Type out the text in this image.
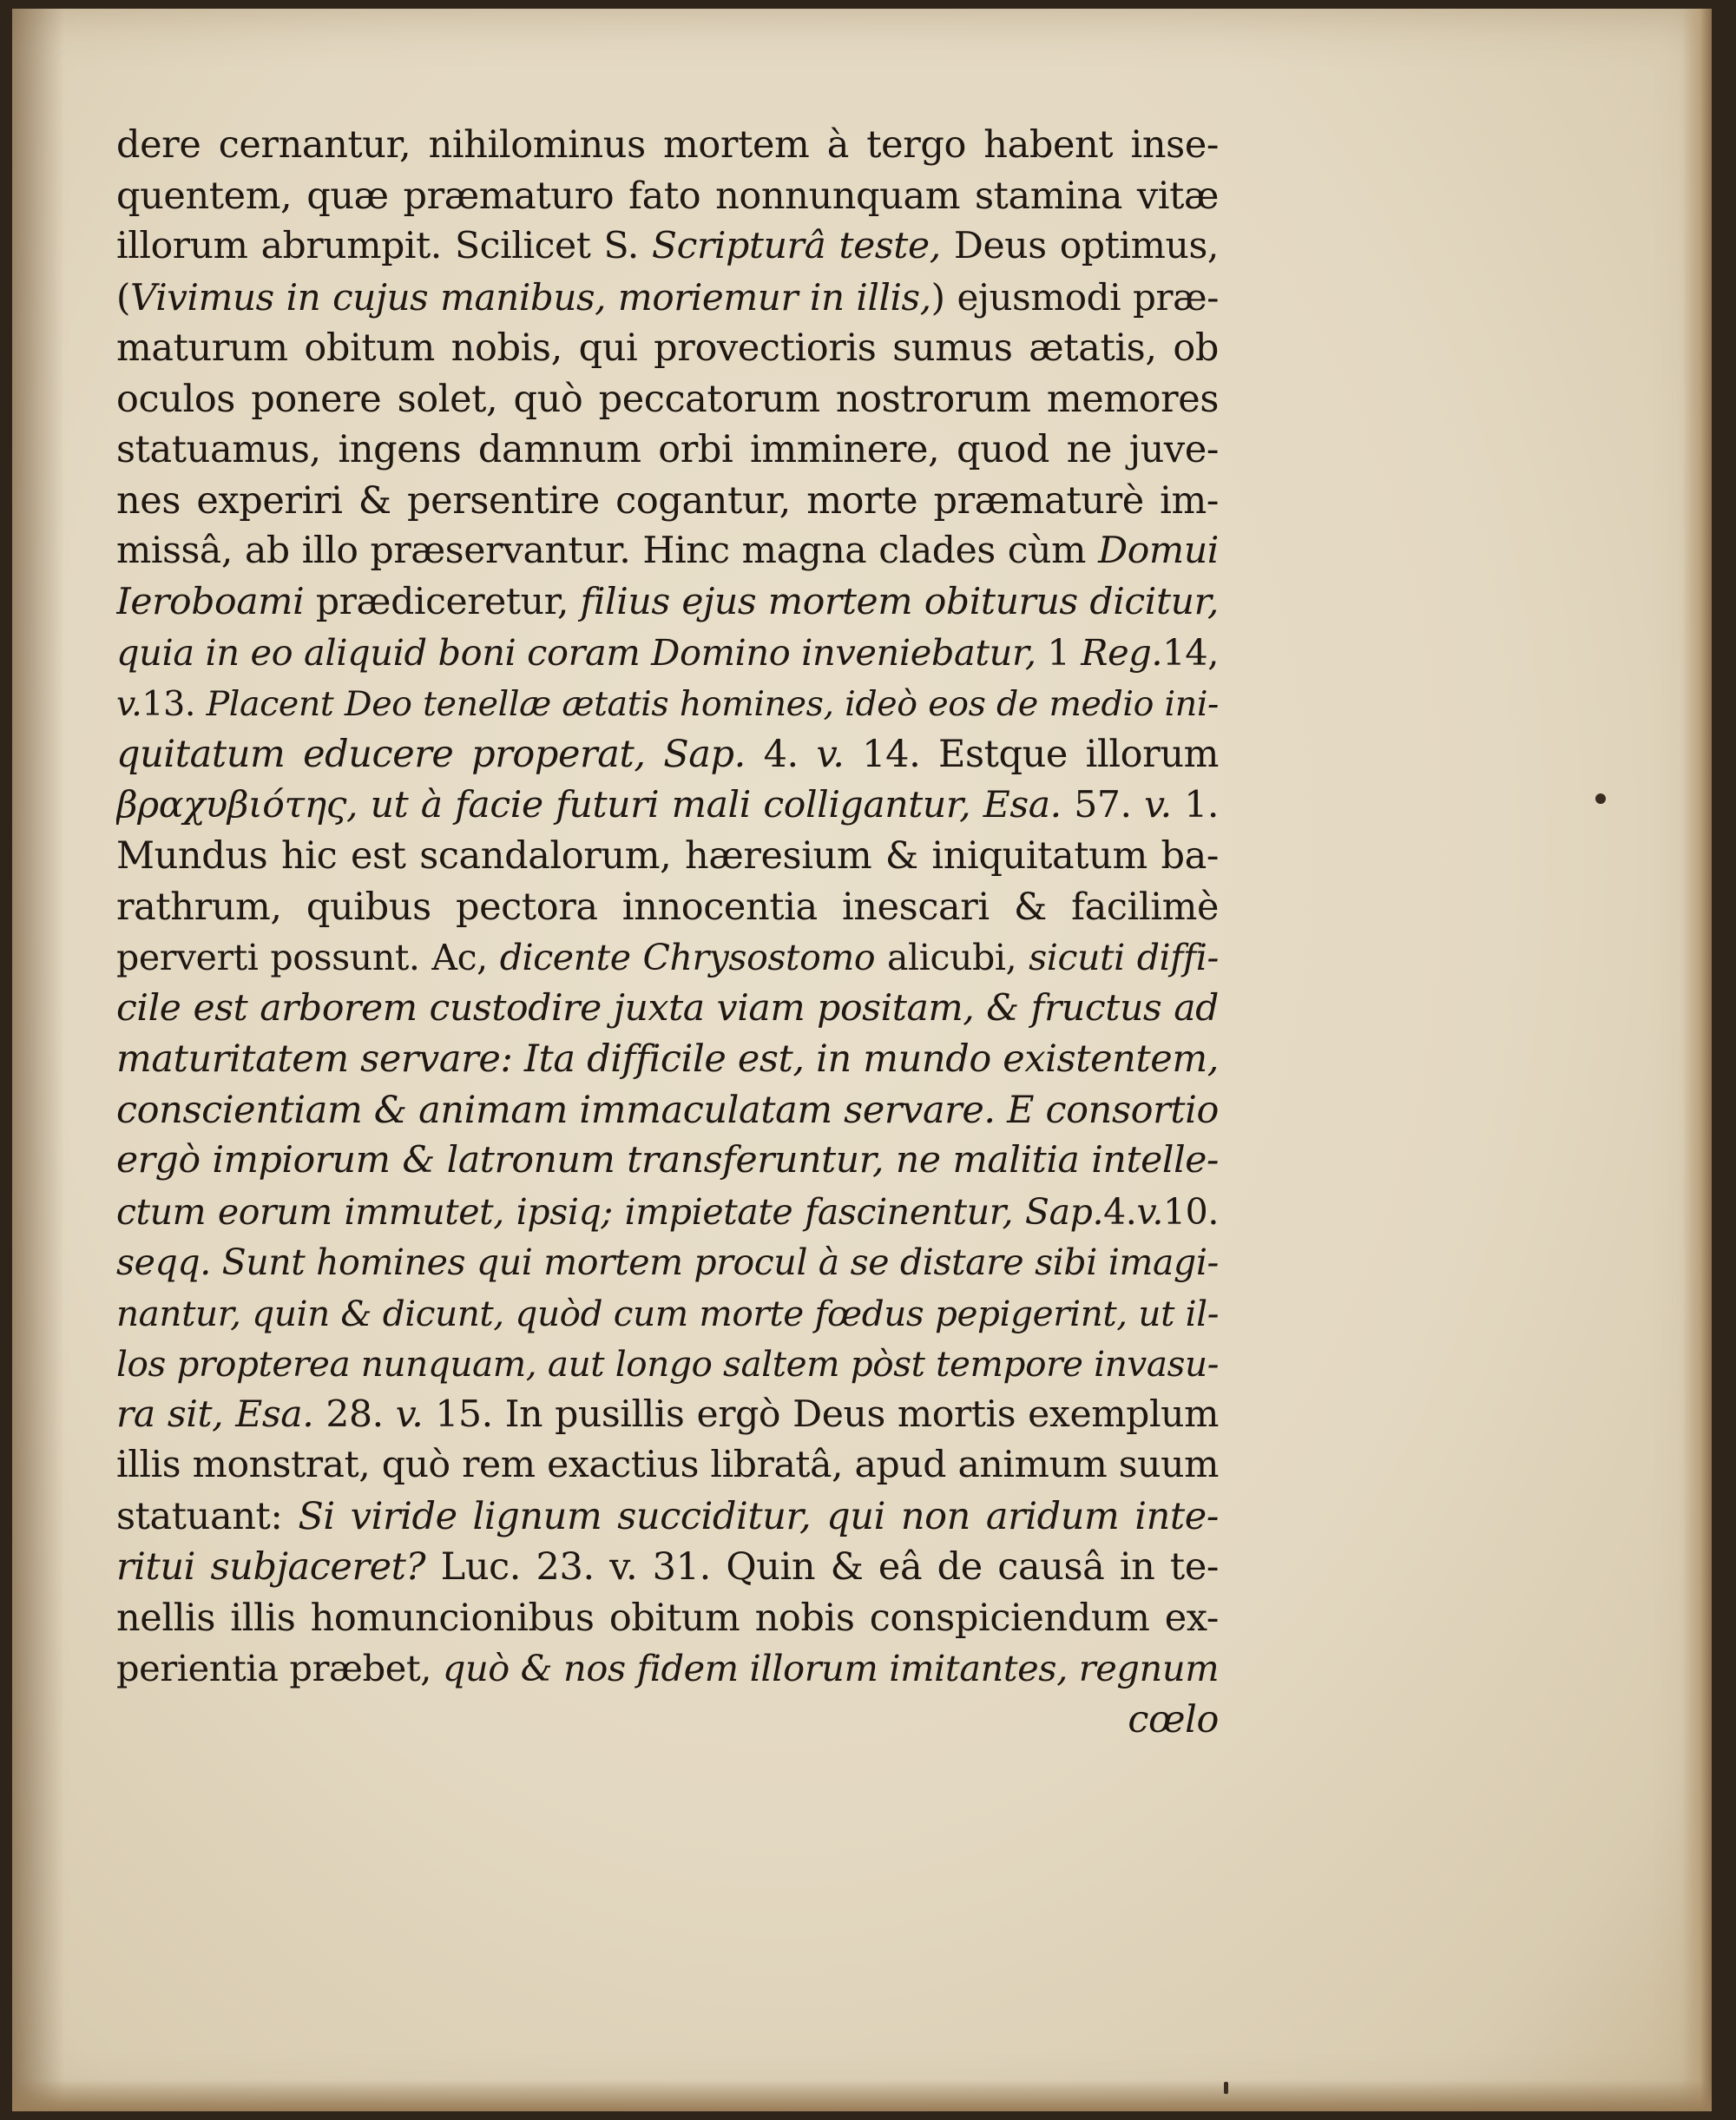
dere cernantur, nihilominus mortem à tergo habent inse-
quentem, quæ præmaturo fato nonnunquam stamina vitæ
illorum abrumpit. Scilicet S. Scripturâ teste, Deus optimus,
(Vivimus in cujus manibus, moriemur in illis,) ejusmodi præ-
maturum obitum nobis, qui provectioris sumus ætatis, ob
oculos ponere solet, quò peccatorum nostrorum memores
statuamus, ingens damnum orbi imminere, quod ne juve-
nes experiri & persentire cogantur, morte præmaturè im-
missâ, ab illo præservantur. Hinc magna clades cùm Domui
Ieroboami prædiceretur, filius ejus mortem obiturus dicitur,
quia in eo aliquid boni coram Domino inveniebatur, 1 Reg.14,
v.13. Placent Deo tenellæ ætatis homines, ideò eos de medio ini-
quitatum educere properat, Sap. 4. v. 14. Estque illorum
βραχυβιότης, ut à facie futuri mali colligantur, Esa. 57. v. 1.
Mundus hic est scandalorum, hæresium & iniquitatum ba-
rathrum, quibus pectora innocentia inescari & facilimè
perverti possunt. Ac, dicente Chrysostomo alicubi, sicuti diffi-
cile est arborem custodire juxta viam positam, & fructus ad
maturitatem servare: Ita difficile est, in mundo existentem,
conscientiam & animam immaculatam servare. E consortio
ergò impiorum & latronum transferuntur, ne malitia intelle-
ctum eorum immutet, ipsiq; impietate fascinentur, Sap.4.v.10.
seqq. Sunt homines qui mortem procul à se distare sibi imagi-
nantur, quin & dicunt, quòd cum morte fœdus pepigerint, ut il-
los propterea nunquam, aut longo saltem pòst tempore invasu-
ra sit, Esa. 28. v. 15. In pusillis ergò Deus mortis exemplum
illis monstrat, quò rem exactius libratâ, apud animum suum
statuant: Si viride lignum succiditur, qui non aridum inte-
ritui subjaceret? Luc. 23. v. 31. Quin & eâ de causâ in te-
nellis illis homuncionibus obitum nobis conspiciendum ex-
perientia præbet, quò & nos fidem illorum imitantes, regnum
cœlo
